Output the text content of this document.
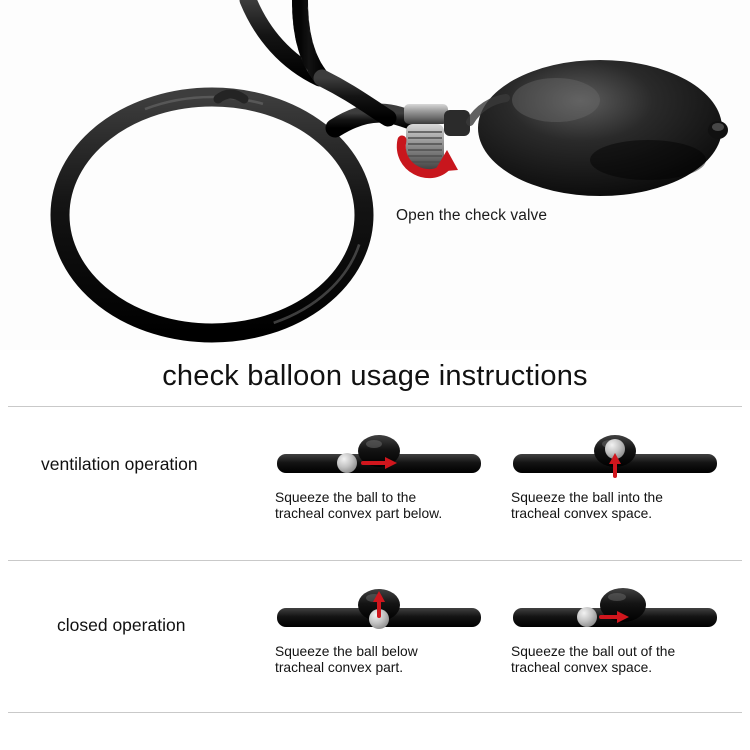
Open the check valve
check balloon usage instructions
ventilation operation
closed operation
Squeeze the ball to the
tracheal convex part below.
Squeeze the ball into the
tracheal convex space.
Squeeze the ball below
tracheal convex part.
Squeeze the ball out of the
tracheal convex space.
